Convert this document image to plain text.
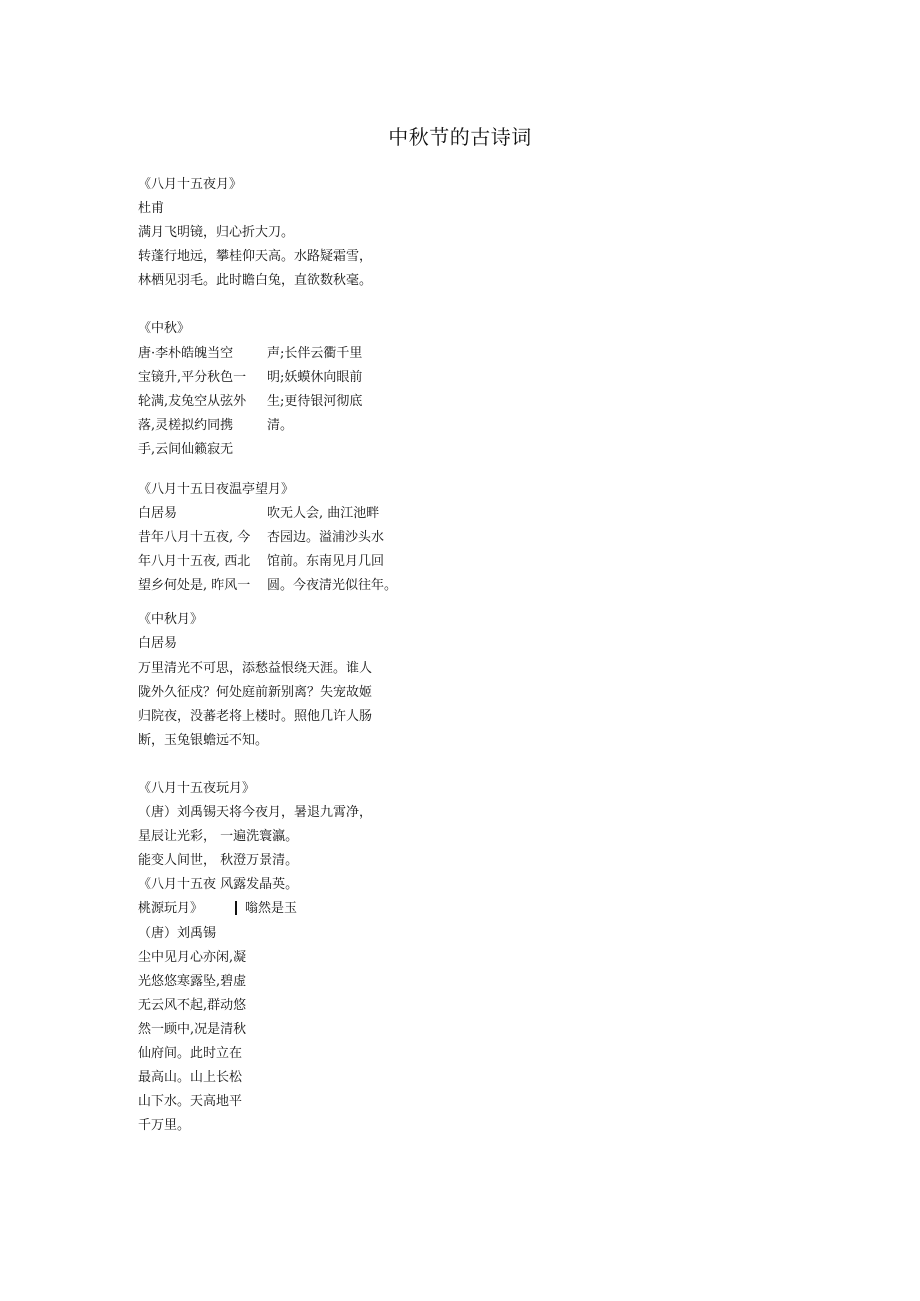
中秋节的古诗词
《八月十五夜月》
杜甫
满月飞明镜，归心折大刀。
转蓬行地远，攀桂仰天高。水路疑霜雪，
林栖见羽毛。此时瞻白兔，直欲数秋毫。
《中秋》
唐·李朴皓魄当空
宝镜升,平分秋色一
轮满,犮兔空从弦外
落,灵槎拟约同携
手,云间仙籁寂无
声;长伴云衢千里
明;妖蟆休向眼前
生;更待银河彻底
清。
《八月十五日夜温亭望月》
白居易
昔年八月十五夜, 今
年八月十五夜, 西北
望乡何处是, 昨风一
吹无人会, 曲江池畔
杏园边。溢浦沙头水
馆前。东南见月几回
圆。今夜清光似往年。
《中秋月》
白居易
万里清光不可思，添愁益恨绕天涯。谁人
陇外久征戍？何处庭前新别离？失宠故姬
归院夜，没蕃老将上楼时。照他几许人肠
断，玉兔银蟾远不知。
《八月十五夜玩月》
（唐）刘禹锡天将今夜月，暑退九霄净，
星辰让光彩， 一遍洗寰瀛。
能变人间世， 秋澄万景清。
《八月十五夜 风露发晶英。
桃源玩月》	嗡然是玉
（唐）刘禹锡
尘中见月心亦闲,凝
光悠悠寒露坠,碧虚
无云风不起,群动悠
然一顾中,况是清秋
仙府间。此时立在
最高山。山上长松
山下水。天高地平
千万里。
